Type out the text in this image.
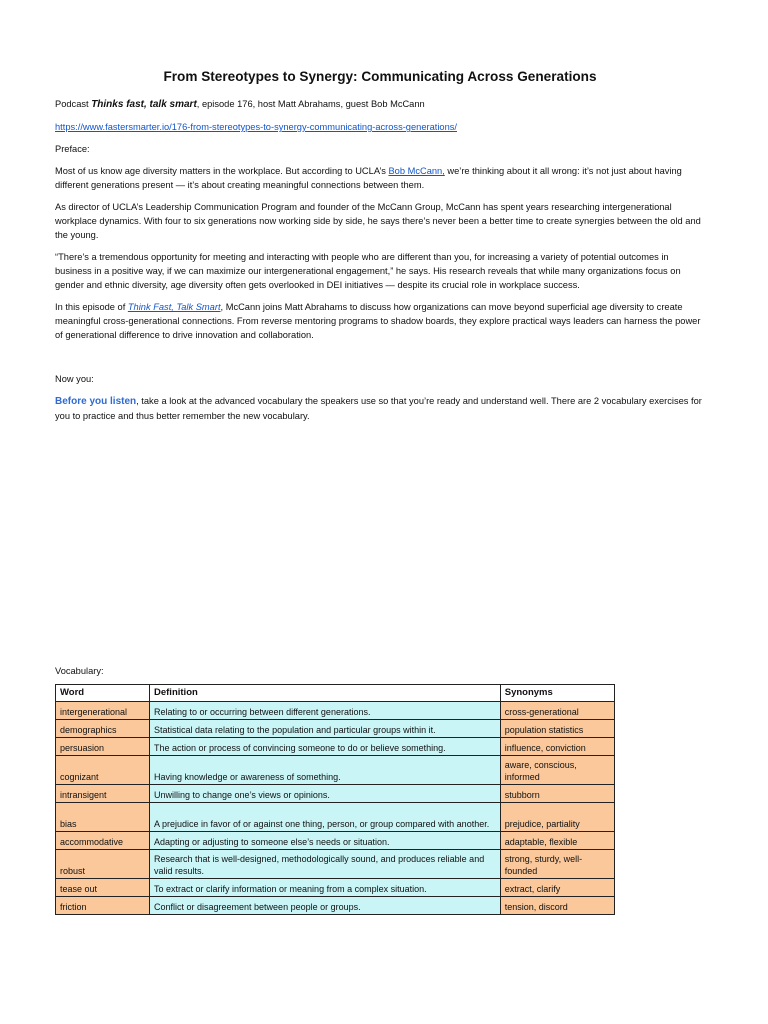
From Stereotypes to Synergy: Communicating Across Generations

Podcast Thinks fast, talk smart, episode 176, host Matt Abrahams, guest Bob McCann

https://www.fastersmarter.io/176-from-stereotypes-to-synergy-communicating-across-generations/

Preface:

Most of us know age diversity matters in the workplace. But according to UCLA’s Bob McCann, we’re thinking about it all wrong: it’s not just about having different generations present — it’s about creating meaningful connections between them.

As director of UCLA’s Leadership Communication Program and founder of the McCann Group, McCann has spent years researching intergenerational workplace dynamics. With four to six generations now working side by side, he says there’s never been a better time to create synergies between the old and the young.

“There’s a tremendous opportunity for meeting and interacting with people who are different than you, for increasing a variety of potential outcomes in business in a positive way, if we can maximize our intergenerational engagement,” he says. His research reveals that while many organizations focus on gender and ethnic diversity, age diversity often gets overlooked in DEI initiatives — despite its crucial role in workplace success.

In this episode of Think Fast, Talk Smart, McCann joins Matt Abrahams to discuss how organizations can move beyond superficial age diversity to create meaningful cross-generational connections. From reverse mentoring programs to shadow boards, they explore practical ways leaders can harness the power of generational difference to drive innovation and collaboration.

Now you:

Before you listen, take a look at the advanced vocabulary the speakers use so that you’re ready and understand well. There are 2 vocabulary exercises for you to practice and thus better remember the new vocabulary.

Vocabulary:
Word	Definition	Synonyms
intergenerational	Relating to or occurring between different generations.	cross-generational
demographics	Statistical data relating to the population and particular groups within it.	population statistics
persuasion	The action or process of convincing someone to do or believe something.	influence, conviction
cognizant	Having knowledge or awareness of something.	aware, conscious, informed
intransigent	Unwilling to change one’s views or opinions.	stubborn
bias	A prejudice in favor of or against one thing, person, or group compared with another.	prejudice, partiality
accommodative	Adapting or adjusting to someone else’s needs or situation.	adaptable, flexible
robust	Research that is well-designed, methodologically sound, and produces reliable and valid results.	strong, sturdy, well-founded
tease out	To extract or clarify information or meaning from a complex situation.	extract, clarify
friction	Conflict or disagreement between people or groups.	tension, discord
